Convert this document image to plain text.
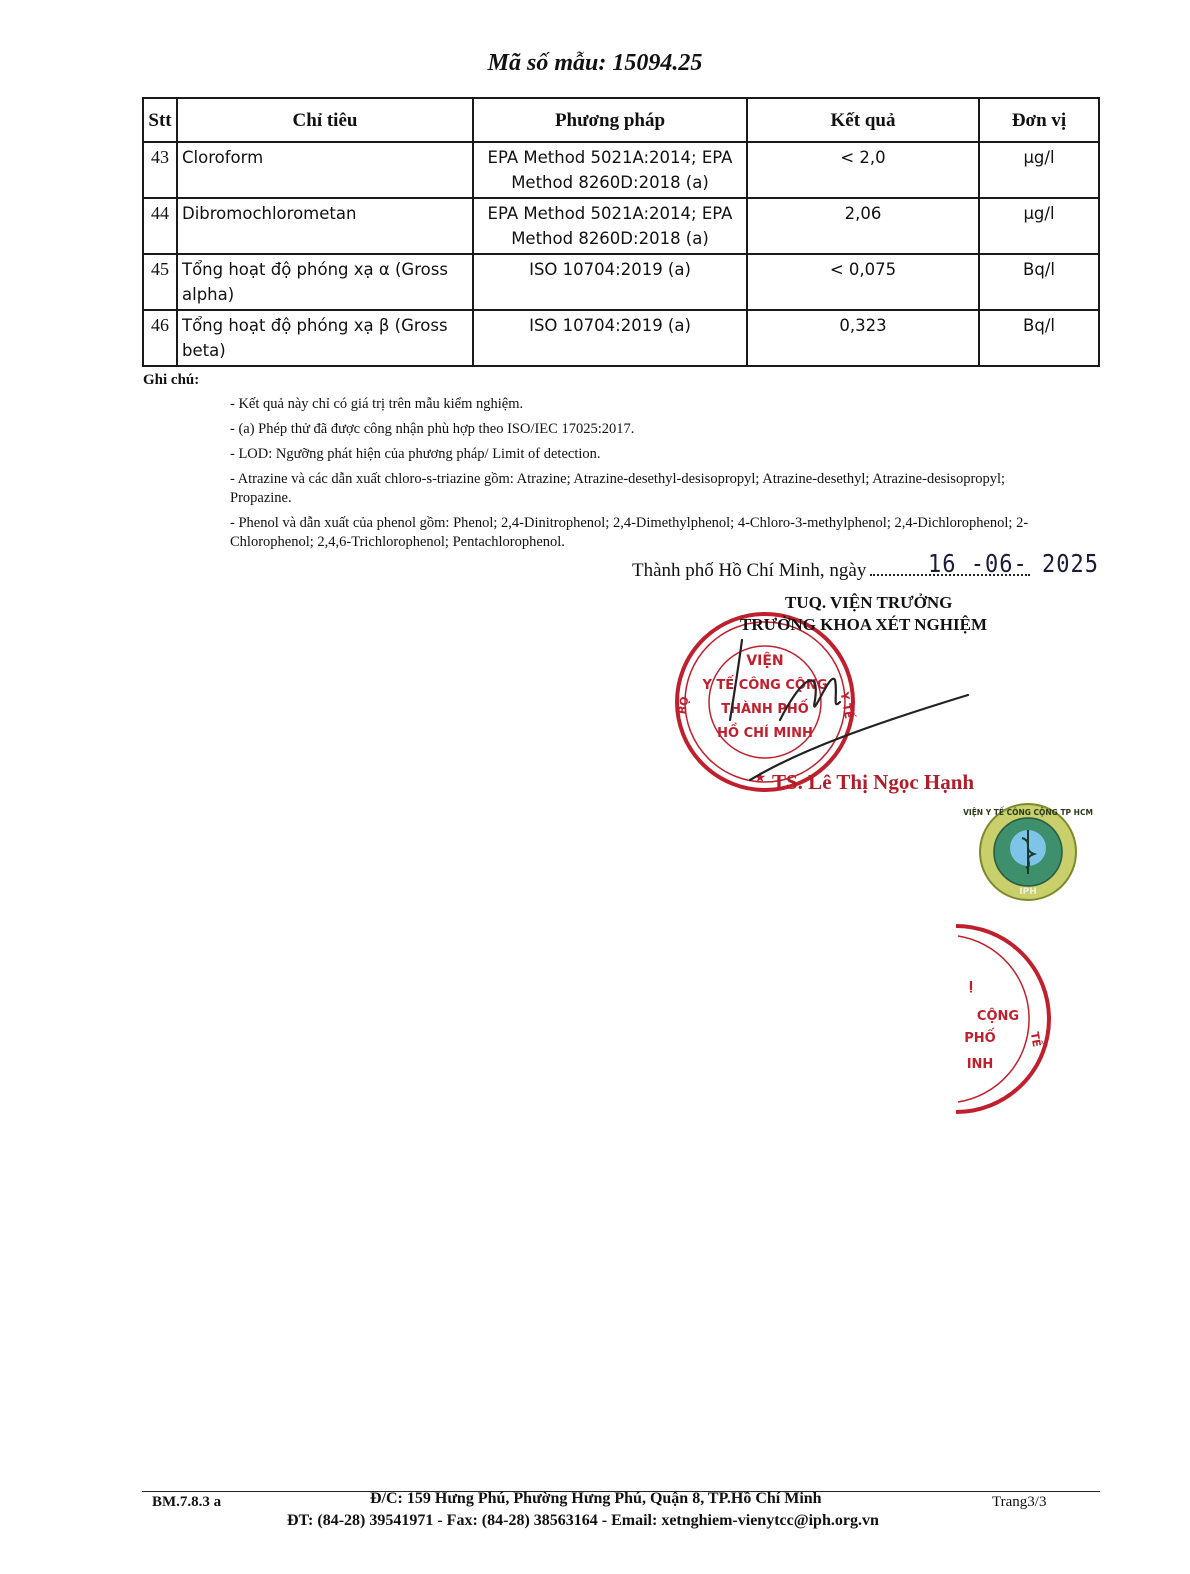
Mã số mẫu: 15094.25
Stt	Chỉ tiêu	Phương pháp	Kết quả	Đơn vị
43	Cloroform	EPA Method 5021A:2014; EPA Method 8260D:2018 (a)	< 2,0	µg/l
44	Dibromochlorometan	EPA Method 5021A:2014; EPA Method 8260D:2018 (a)	2,06	µg/l
45	Tổng hoạt độ phóng xạ α (Gross alpha)	ISO 10704:2019 (a)	< 0,075	Bq/l
46	Tổng hoạt độ phóng xạ β (Gross beta)	ISO 10704:2019 (a)	0,323	Bq/l
Ghi chú:
- Kết quả này chỉ có giá trị trên mẫu kiểm nghiệm.
- (a) Phép thử đã được công nhận phù hợp theo ISO/IEC 17025:2017.
- LOD: Ngưỡng phát hiện của phương pháp/ Limit of detection.
- Atrazine và các dẫn xuất chloro-s-triazine gồm: Atrazine; Atrazine-desethyl-desisopropyl; Atrazine-desethyl; Atrazine-desisopropyl; Propazine.
- Phenol và dẫn xuất của phenol gồm: Phenol; 2,4-Dinitrophenol; 2,4-Dimethylphenol; 4-Chloro-3-methylphenol; 2,4-Dichlorophenol; 2-Chlorophenol; 2,4,6-Trichlorophenol; Pentachlorophenol.
Thành phố Hồ Chí Minh, ngày	16 -06- 2025
VIỆN
Y TẾ CÔNG CỘNG
THÀNH PHỐ
HỒ CHÍ MINH
BỘ	Y TẾ
★
TUQ. VIỆN TRƯỞNG
TRƯỞNG KHOA XÉT NGHIỆM
TS. Lê Thị Ngọc Hạnh
VIỆN Y TẾ CÔNG CỘNG TP HCM
IPH
Ị
CỘNG
PHỐ
INH
TẾ
BM.7.8.3 a	Đ/C: 159 Hưng Phú, Phường Hưng Phú, Quận 8, TP.Hồ Chí Minh	Trang3/3
ĐT: (84-28) 39541971 - Fax: (84-28) 38563164 - Email: xetnghiem-vienytcc@iph.org.vn
